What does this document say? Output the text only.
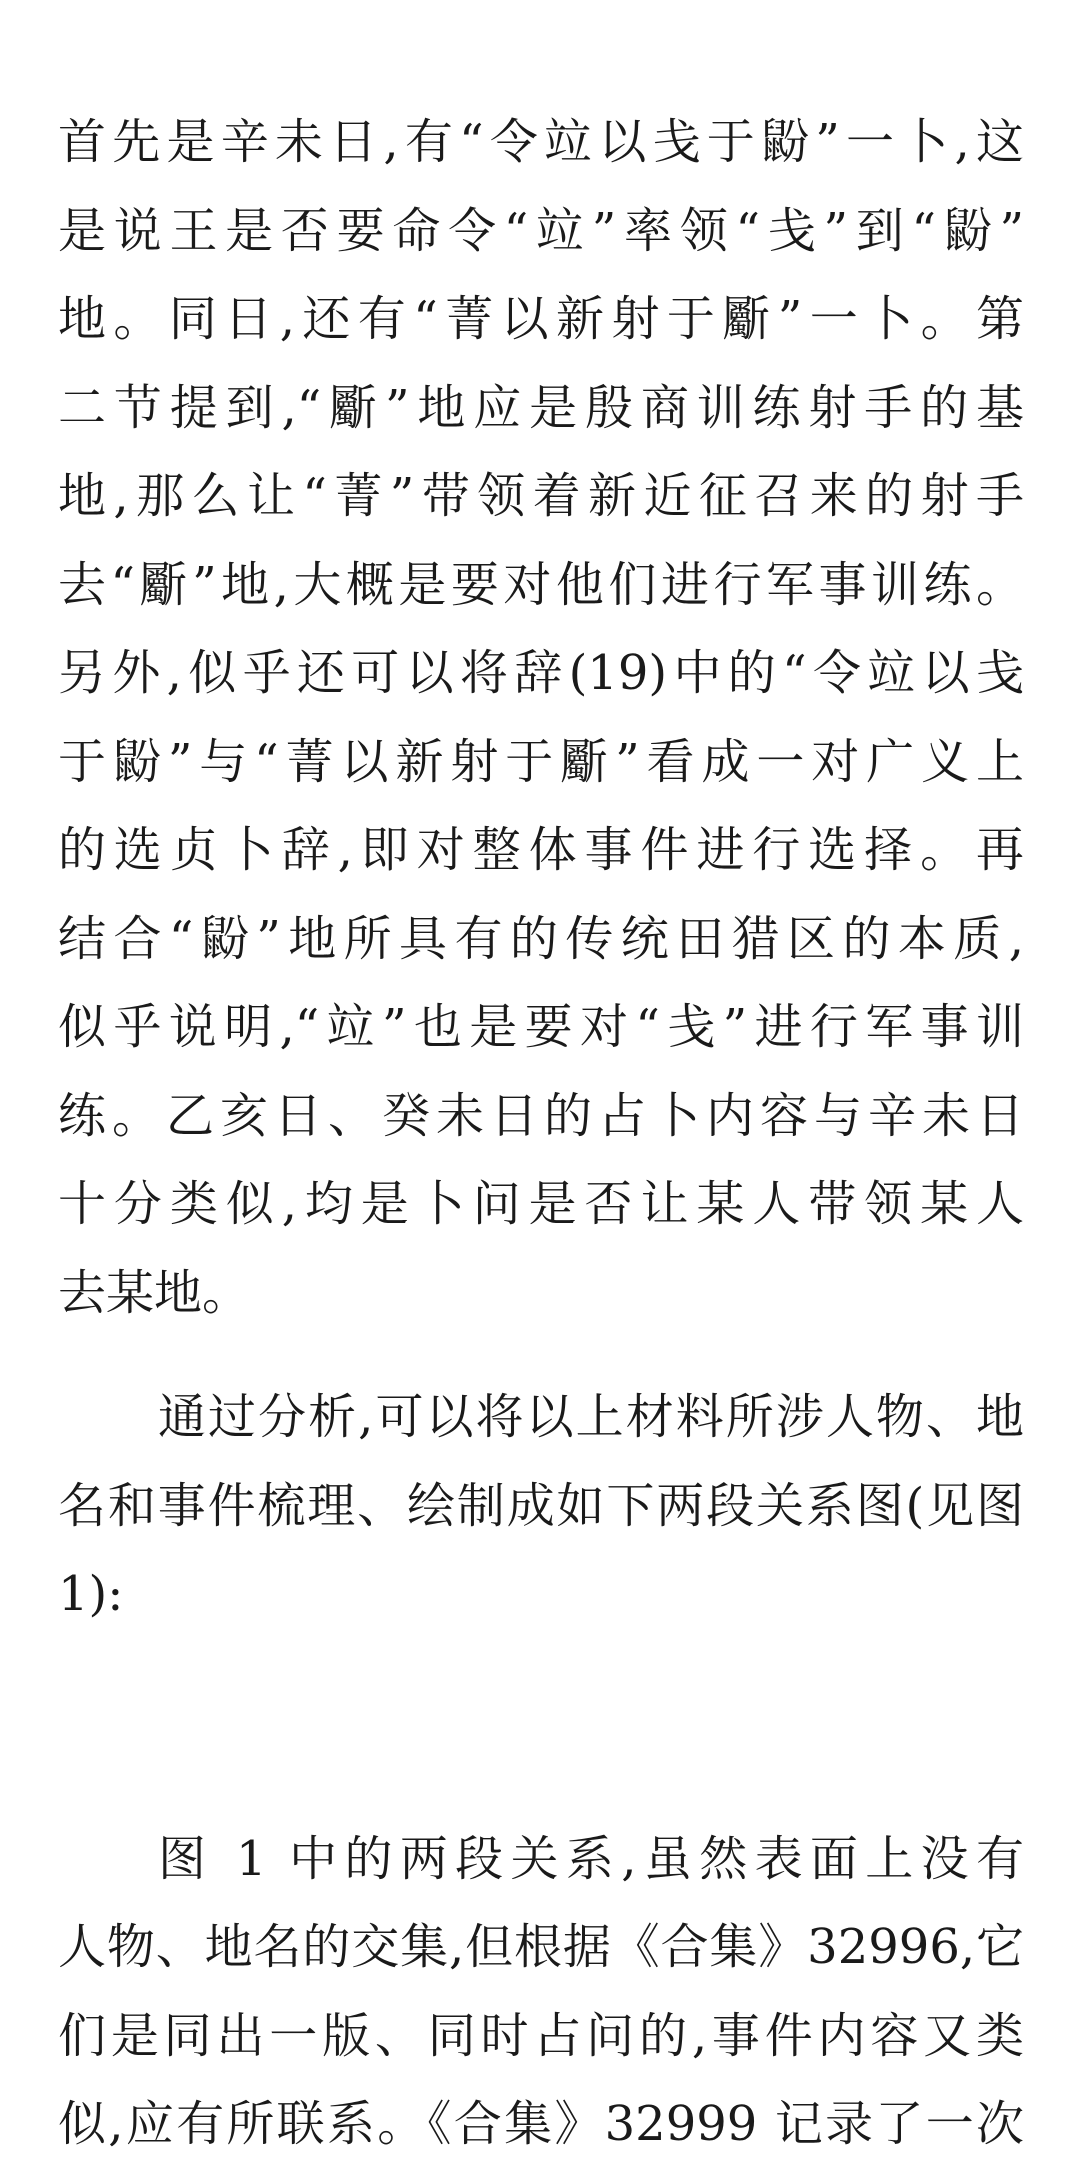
首先是辛未日,有“令竝以戋于鼢”一卜,这
是说王是否要命令“竝”率领“戋”到“鼢”
地。同日,还有“菁以新射于斸”一卜。第
二节提到,“斸”地应是殷商训练射手的基
地,那么让“菁”带领着新近征召来的射手
去“斸”地,大概是要对他们进行军事训练。
另外,似乎还可以将辞(19)中的“令竝以戋
于鼢”与“菁以新射于斸”看成一对广义上
的选贞卜辞,即对整体事件进行选择。再
结合“鼢”地所具有的传统田猎区的本质,
似乎说明,“竝”也是要对“戋”进行军事训
练。乙亥日、癸未日的占卜内容与辛未日
十分类似,均是卜问是否让某人带领某人
去某地。
通过分析,可以将以上材料所涉人物、地
名和事件梳理、绘制成如下两段关系图(见图
1):
图 1 中的两段关系,虽然表面上没有
人物、地名的交集,但根据《合集》32996,它
们是同出一版、同时占问的,事件内容又类
似,应有所联系。《合集》32999 记录了一次
